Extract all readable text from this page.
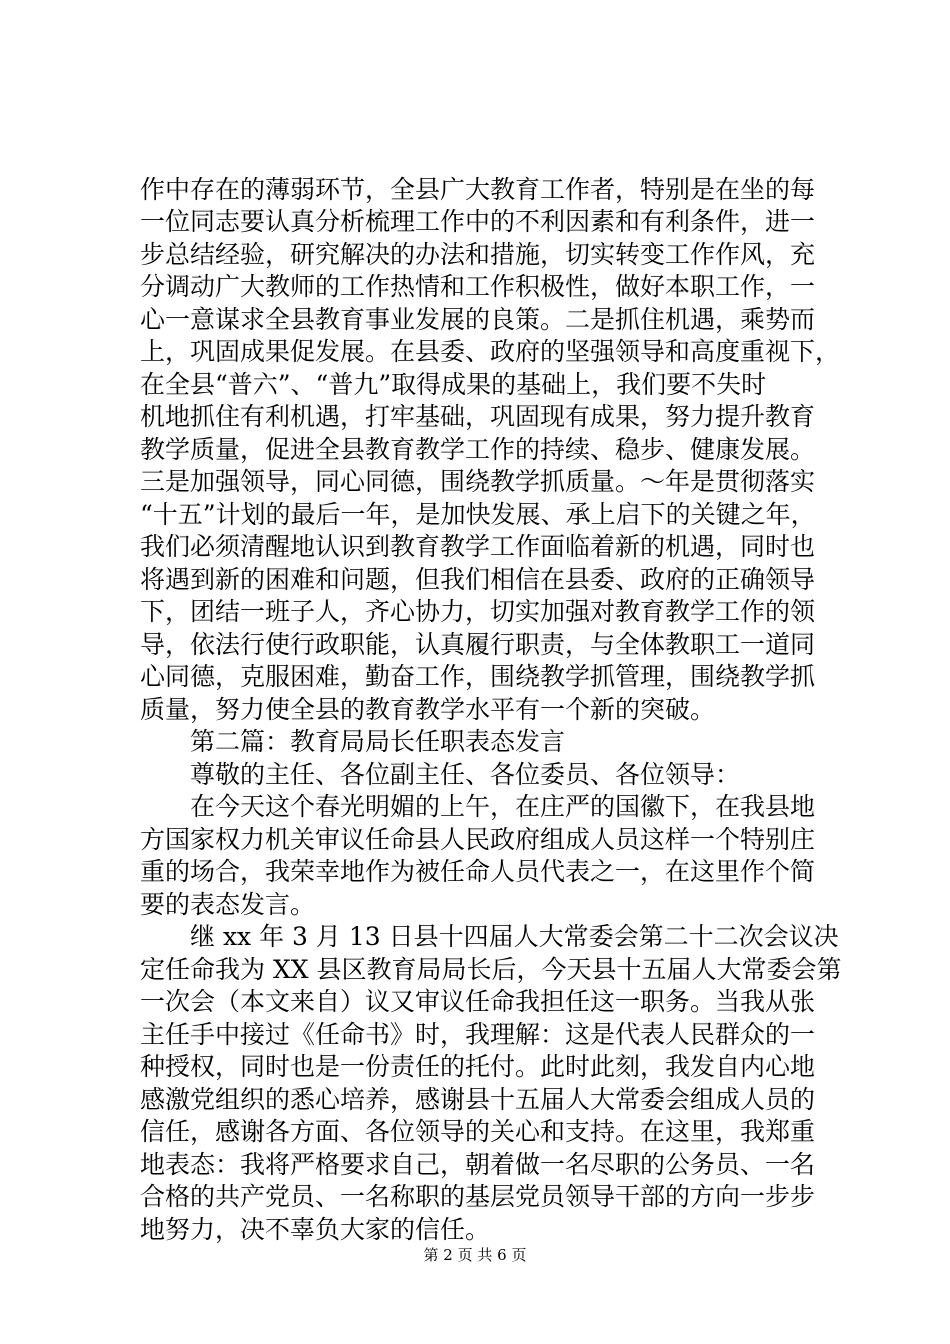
作中存在的薄弱环节，全县广大教育工作者，特别是在坐的每
一位同志要认真分析梳理工作中的不利因素和有利条件，进一
步总结经验，研究解决的办法和措施，切实转变工作作风，充
分调动广大教师的工作热情和工作积极性，做好本职工作，一
心一意谋求全县教育事业发展的良策。二是抓住机遇，乘势而
上，巩固成果促发展。在县委、政府的坚强领导和高度重视下，
在全县“普六”、“普九”取得成果的基础上，我们要不失时
机地抓住有利机遇，打牢基础，巩固现有成果，努力提升教育
教学质量，促进全县教育教学工作的持续、稳步、健康发展。
三是加强领导，同心同德，围绕教学抓质量。～年是贯彻落实
“十五”计划的最后一年，是加快发展、承上启下的关键之年，
我们必须清醒地认识到教育教学工作面临着新的机遇，同时也
将遇到新的困难和问题，但我们相信在县委、政府的正确领导
下，团结一班子人，齐心协力，切实加强对教育教学工作的领
导，依法行使行政职能，认真履行职责，与全体教职工一道同
心同德，克服困难，勤奋工作，围绕教学抓管理，围绕教学抓
质量，努力使全县的教育教学水平有一个新的突破。
　　第二篇：教育局局长任职表态发言
　　尊敬的主任、各位副主任、各位委员、各位领导：
　　在今天这个春光明媚的上午，在庄严的国徽下，在我县地
方国家权力机关审议任命县人民政府组成人员这样一个特别庄
重的场合，我荣幸地作为被任命人员代表之一，在这里作个简
要的表态发言。
　　继 xx 年 3 月 13 日县十四届人大常委会第二十二次会议决
定任命我为 XX 县区教育局局长后，今天县十五届人大常委会第
一次会（本文来自）议又审议任命我担任这一职务。当我从张
主任手中接过《任命书》时，我理解：这是代表人民群众的一
种授权，同时也是一份责任的托付。此时此刻，我发自内心地
感激党组织的悉心培养，感谢县十五届人大常委会组成人员的
信任，感谢各方面、各位领导的关心和支持。在这里，我郑重
地表态：我将严格要求自己，朝着做一名尽职的公务员、一名
合格的共产党员、一名称职的基层党员领导干部的方向一步步
地努力，决不辜负大家的信任。
第 2 页 共 6 页
